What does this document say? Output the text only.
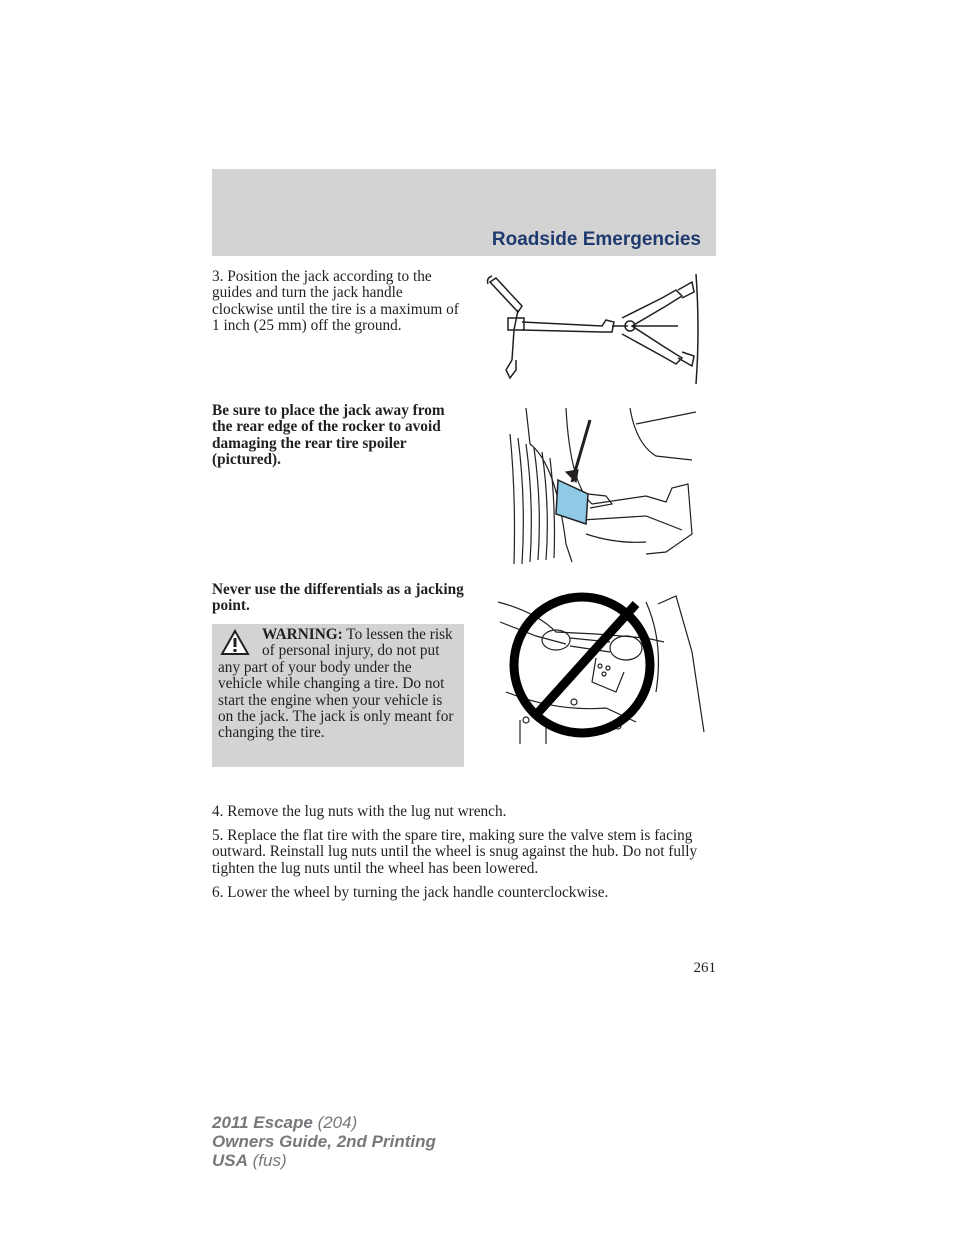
Roadside Emergencies

3. Position the jack according to the guides and turn the jack handle clockwise until the tire is a maximum of 1 inch (25 mm) off the ground.

Be sure to place the jack away from the rear edge of the rocker to avoid damaging the rear tire spoiler (pictured).

Never use the differentials as a jacking point.

WARNING: To lessen the risk of personal injury, do not put any part of your body under the vehicle while changing a tire. Do not start the engine when your vehicle is on the jack. The jack is only meant for changing the tire.

4. Remove the lug nuts with the lug nut wrench.

5. Replace the flat tire with the spare tire, making sure the valve stem is facing outward. Reinstall lug nuts until the wheel is snug against the hub. Do not fully tighten the lug nuts until the wheel has been lowered.

6. Lower the wheel by turning the jack handle counterclockwise.

261

2011 Escape (204)
Owners Guide, 2nd Printing
USA (fus)
